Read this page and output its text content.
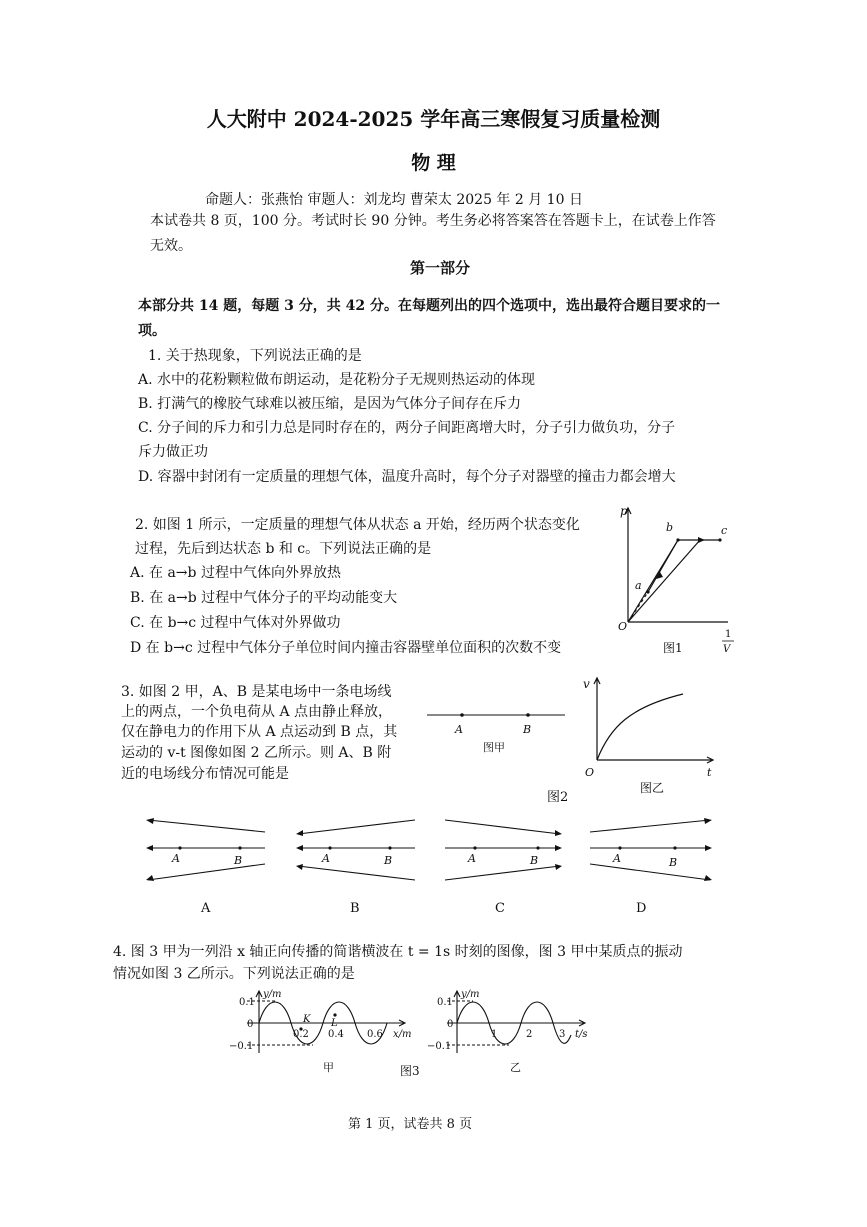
人大附中 2024-2025 学年高三寒假复习质量检测
物 理
命题人：张燕怡 审题人：刘龙均 曹荣太 2025 年 2 月 10 日
本试卷共 8 页，100 分。考试时长 90 分钟。考生务必将答案答在答题卡上，在试卷上作答
无效。
第一部分
本部分共 14 题，每题 3 分，共 42 分。在每题列出的四个选项中，选出最符合题目要求的一
项。
1. 关于热现象，下列说法正确的是
A. 水中的花粉颗粒做布朗运动，是花粉分子无规则热运动的体现
B. 打满气的橡胶气球难以被压缩，是因为气体分子间存在斥力
C. 分子间的斥力和引力总是同时存在的，两分子间距离增大时，分子引力做负功，分子
斥力做正功
D. 容器中封闭有一定质量的理想气体，温度升高时，每个分子对器壁的撞击力都会增大
2. 如图 1 所示，一定质量的理想气体从状态 a 开始，经历两个状态变化
过程，先后到达状态 b 和 c。下列说法正确的是
A. 在 a→b 过程中气体向外界放热
B. 在 a→b 过程中气体分子的平均动能变大
C. 在 b→c 过程中气体对外界做功
D 在 b→c 过程中气体分子单位时间内撞击容器壁单位面积的次数不变
p
b	c
a
O
1
V
图1
3. 如图 2 甲，A、B 是某电场中一条电场线
上的两点，一个负电荷从 A 点由静止释放，
仅在静电力的作用下从 A 点运动到 B 点，其
运动的 v-t 图像如图 2 乙所示。则 A、B 附
近的电场线分布情况可能是
A	B
图甲
v
O	t
图乙
图2
A	B
A
A	B
B
A	B
C
A	B
D
4. 图 3 甲为一列沿 x 轴正向传播的简谐横波在 t = 1s 时刻的图像，图 3 甲中某质点的振动
情况如图 3 乙所示。下列说法正确的是
y/m
0.1
0
−0.1
K L
0.2 0.4 0.6 x/m
甲
y/m
0.1
0
−0.1
1	2	3 t/s
乙
图3
第 1 页，试卷共 8 页
